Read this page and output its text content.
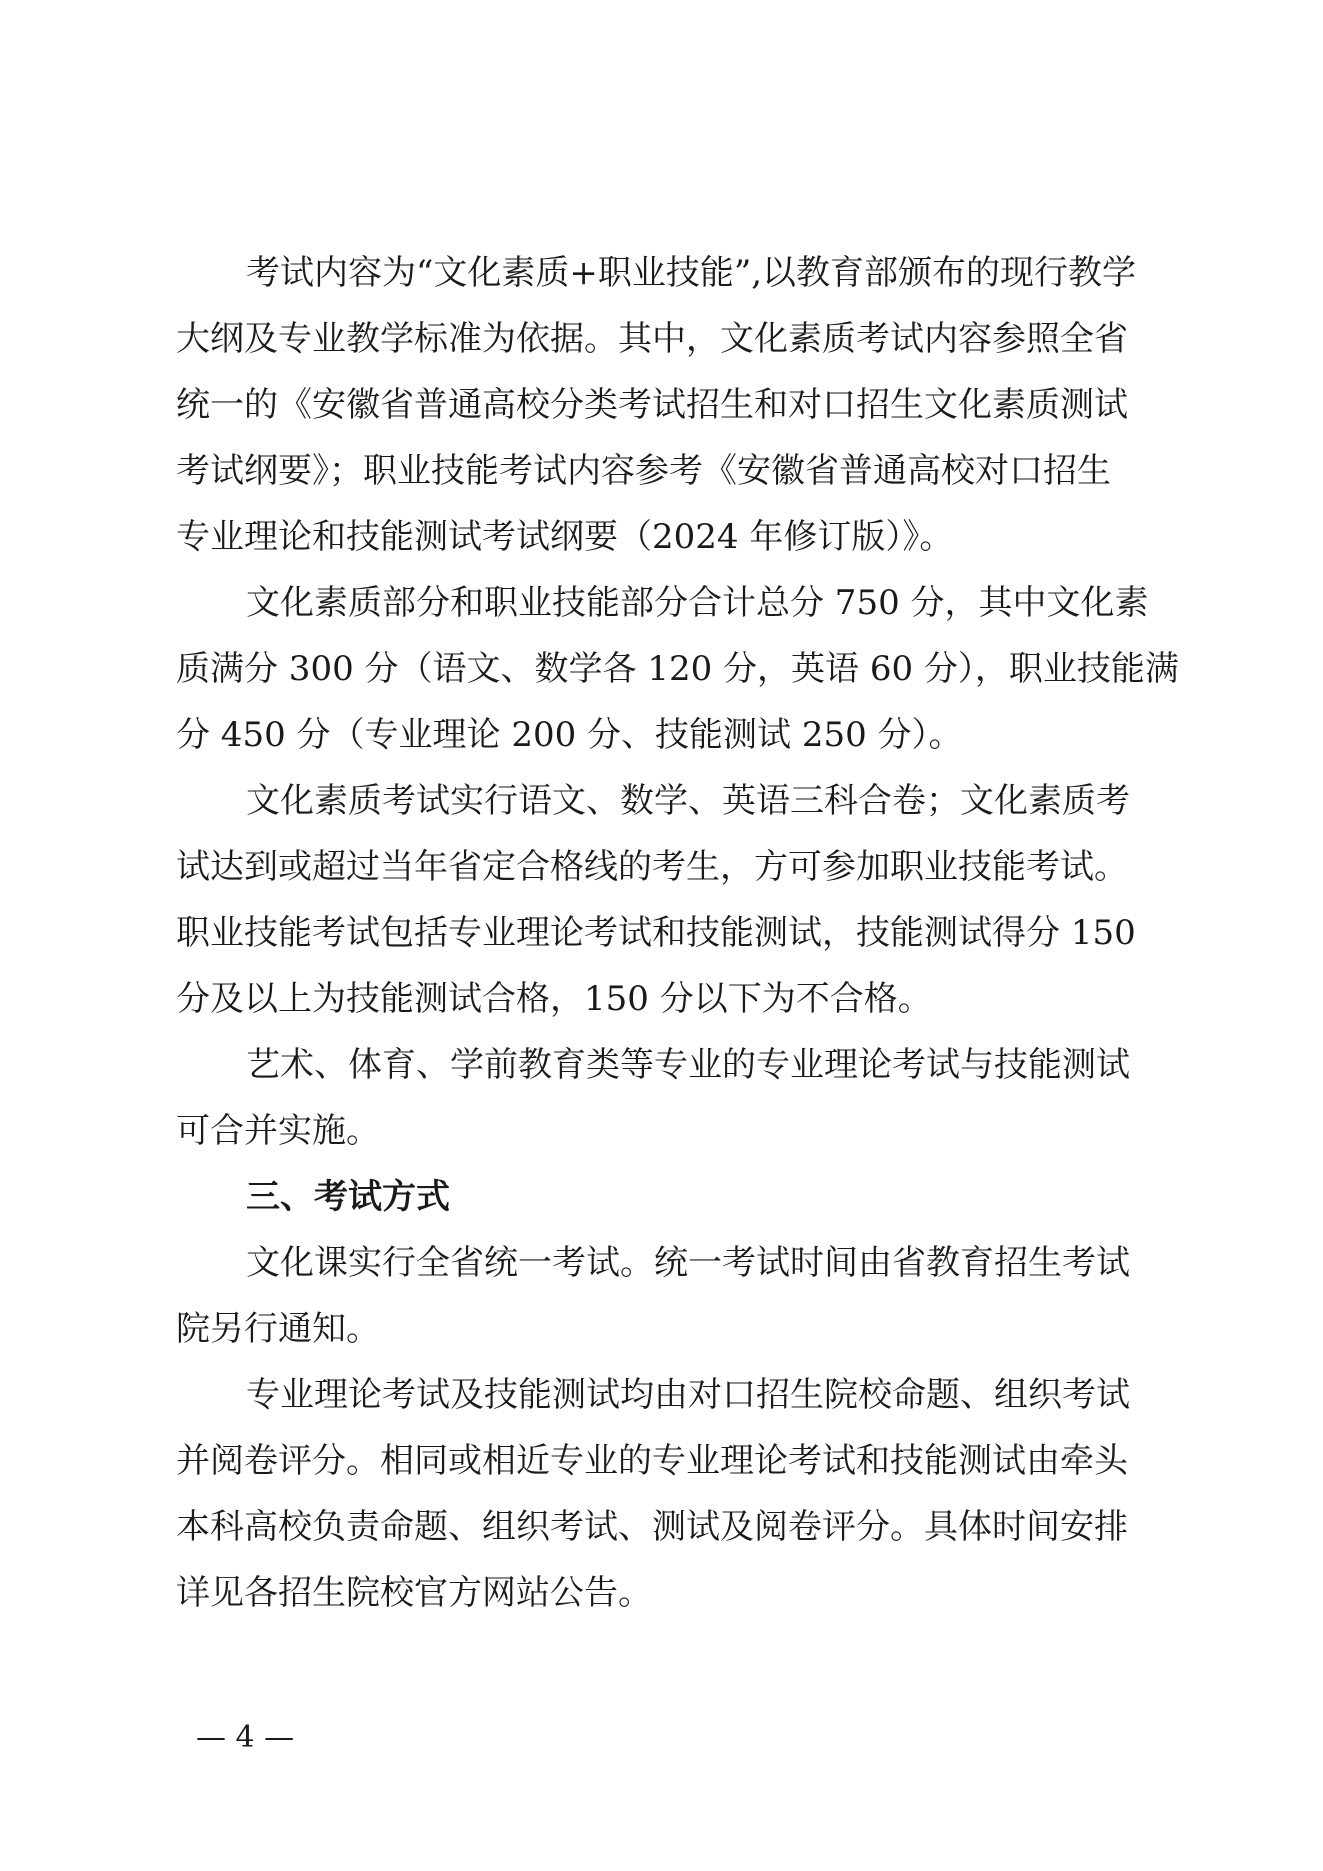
考试内容为“文化素质+职业技能”,以教育部颁布的现行教学
大纲及专业教学标准为依据。其中，文化素质考试内容参照全省
统一的《安徽省普通高校分类考试招生和对口招生文化素质测试
考试纲要》；职业技能考试内容参考《安徽省普通高校对口招生
专业理论和技能测试考试纲要（2024 年修订版）》。
文化素质部分和职业技能部分合计总分 750 分，其中文化素
质满分 300 分（语文、数学各 120 分，英语 60 分），职业技能满
分 450 分（专业理论 200 分、技能测试 250 分）。
文化素质考试实行语文、数学、英语三科合卷；文化素质考
试达到或超过当年省定合格线的考生，方可参加职业技能考试。
职业技能考试包括专业理论考试和技能测试，技能测试得分 150
分及以上为技能测试合格，150 分以下为不合格。
艺术、体育、学前教育类等专业的专业理论考试与技能测试
可合并实施。
三、考试方式
文化课实行全省统一考试。统一考试时间由省教育招生考试
院另行通知。
专业理论考试及技能测试均由对口招生院校命题、组织考试
并阅卷评分。相同或相近专业的专业理论考试和技能测试由牵头
本科高校负责命题、组织考试、测试及阅卷评分。具体时间安排
详见各招生院校官方网站公告。
— 4 —
